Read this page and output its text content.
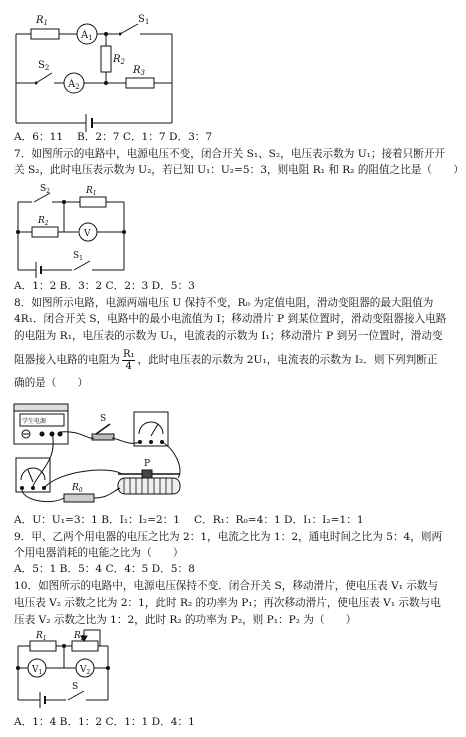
$R_1$
$A_1$
$S_1$
$R_2$
$S_2$
$A_2$
$R_3$
A．6：11　 B．2：7 C．1：7 D．3：7
7．如图所示的电路中，电源电压不变，闭合开关 S₁、S₂，电压表示数为 U₁；接着只断开开
关 S₂，此时电压表示数为 U₂，若已知 U₁：U₂=5：3，则电阻 R₁ 和 R₂ 的阻值之比是（　　）
$S_2$	$R_1$
$R_2$
V
$S_1$
A．1：2 B．3：2 C．2：3 D．5：3
8．如图所示电路，电源两端电压 U 保持不变，R₀ 为定值电阻，滑动变阻器的最大阻值为
4R₁．闭合开关 S，电路中的最小电流值为 I；移动滑片 P 到某位置时，滑动变阻器接入电路
的电阻为 R₁，电压表的示数为 U₁，电流表的示数为 I₁；移动滑片 P 到另一位置时，滑动变
阻器接入电路的电阻为 $\frac{\text{R₁}}{4}$ ，此时电压表的示数为 2U₁，电流表的示数为 I₂．则下列判断正
确的是（　　）
学生电源	S
$R_0$
P
A．U：U₁=3：1 B．I₁：I₂=2：1　 C．R₁：R₀=4：1 D．I₁：I₂=1：1
9．甲、乙两个用电器的电压之比为 2：1，电流之比为 1：2，通电时间之比为 5：4，则两
个用电器消耗的电能之比为（　　）
A．5：1 B．5：4 C．4：5 D．5：8
10．如图所示的电路中，电源电压保持不变．闭合开关 S，移动滑片，使电压表 V₁ 示数与
电压表 V₂ 示数之比为 2：1，此时 R₂ 的功率为 P₁；再次移动滑片，使电压表 V₁ 示数与电
压表 V₂ 示数之比为 1：2，此时 R₂ 的功率为 P₂，则 P₁：P₂ 为（　　）
$R_1$	$R_2$
$V_1$	$V_2$
S
A．1：4 B．1：2 C．1：1 D．4：1
